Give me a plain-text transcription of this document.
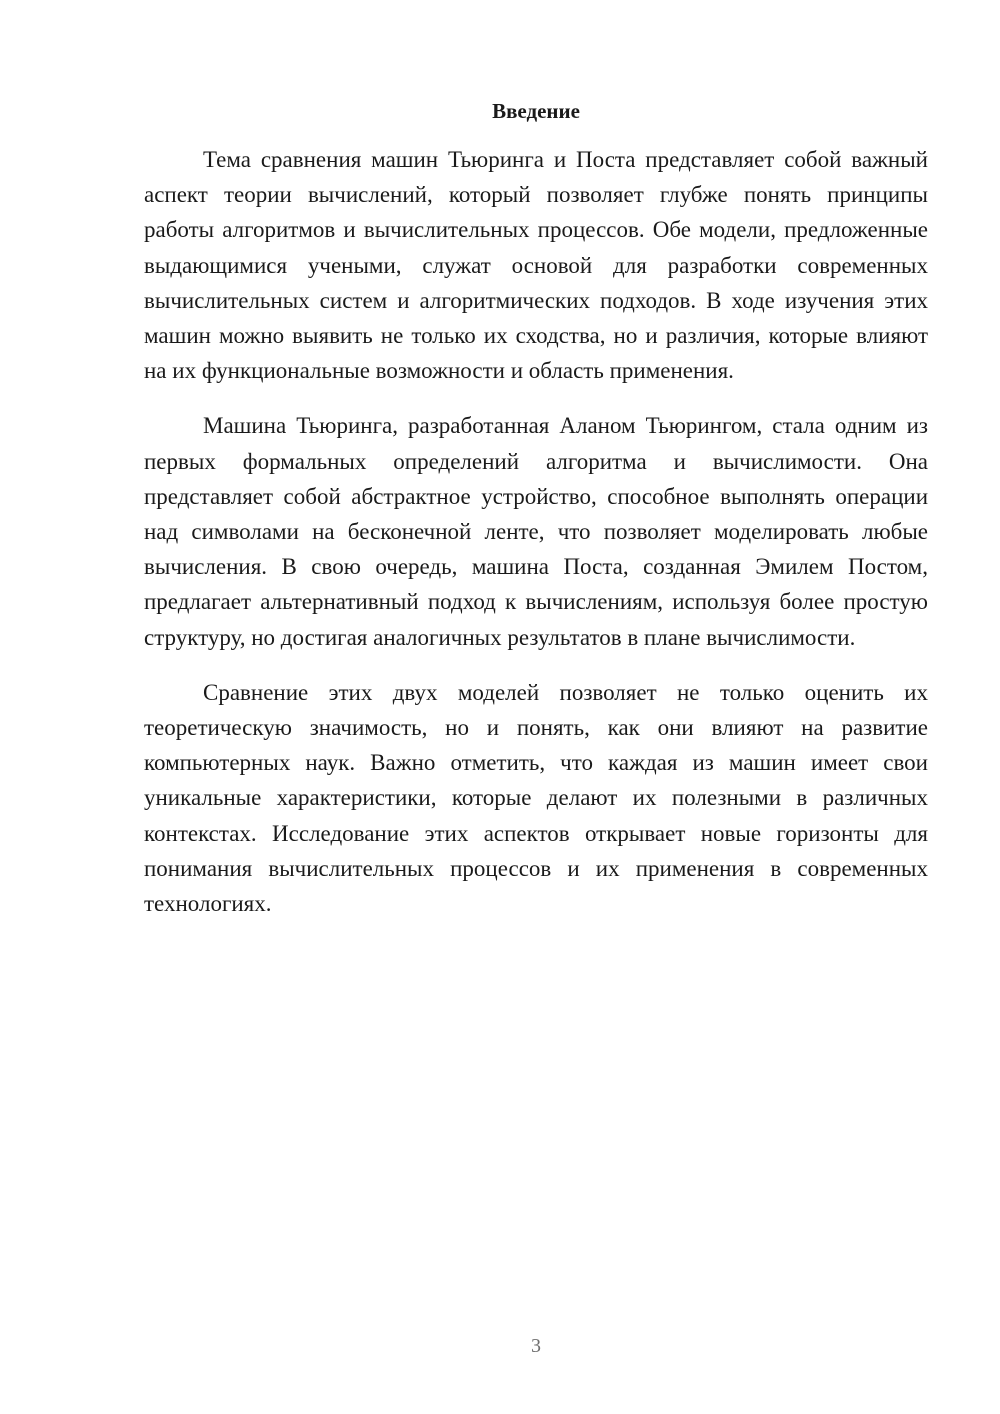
Введение

Тема сравнения машин Тьюринга и Поста представляет собой важный аспект теории вычислений, который позволяет глубже понять принципы работы алгоритмов и вычислительных процессов. Обе модели, предложенные выдающимися учеными, служат основой для разработки современных вычислительных систем и алгоритмических подходов. В ходе изучения этих машин можно выявить не только их сходства, но и различия, которые влияют на их функциональные возможности и область применения.

Машина Тьюринга, разработанная Аланом Тьюрингом, стала одним из первых формальных определений алгоритма и вычислимости. Она представляет собой абстрактное устройство, способное выполнять операции над символами на бесконечной ленте, что позволяет моделировать любые вычисления. В свою очередь, машина Поста, созданная Эмилем Постом, предлагает альтернативный подход к вычислениям, используя более простую структуру, но достигая аналогичных результатов в плане вычислимости.

Сравнение этих двух моделей позволяет не только оценить их теоретическую значимость, но и понять, как они влияют на развитие компьютерных наук. Важно отметить, что каждая из машин имеет свои уникальные характеристики, которые делают их полезными в различных контекстах. Исследование этих аспектов открывает новые горизонты для понимания вычислительных процессов и их применения в современных технологиях.

3
